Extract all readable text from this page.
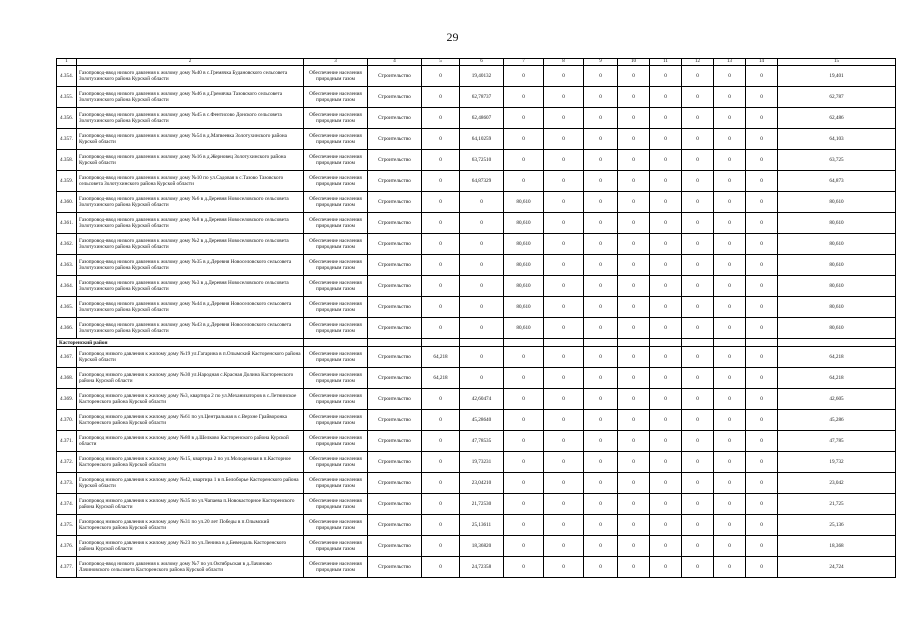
29
1	2	3	4	5	6	7	8	9	10	11	12	13	14	15
4.354.	Газопровод-ввод низкого давления к жилому дому №40 в с.Гремячка Будановского сельсовета Золотухинского района Курской области	Обеспечение населения природным газом	Строительство	0	19,40132	0	0	0	0	0	0	0	0	19,401
4.355.	Газопровод-ввод низкого давления к жилому дому №46 в д.Гремячка Тазовского сельсовета Золотухинского района Курской области	Обеспечение населения природным газом	Строительство	0	62,78737	0	0	0	0	0	0	0	0	62,787
4.356.	Газопровод-ввод низкого давления к жилому дому №45 в с.Фентисово Донского сельсовета Золотухинского района Курской области	Обеспечение населения природным газом	Строительство	0	62,48607	0	0	0	0	0	0	0	0	62,486
4.357.	Газопровод-ввод низкого давления к жилому дому №54 в д.Матвеевка Золотухинского района Курской области	Обеспечение населения природным газом	Строительство	0	64,10259	0	0	0	0	0	0	0	0	64,103
4.358.	Газопровод-ввод низкого давления к жилому дому №16 в д.Жерновец Золотухинского района Курской области	Обеспечение населения природным газом	Строительство	0	63,72510	0	0	0	0	0	0	0	0	63,725
4.359.	Газопровод-ввод низкого давления к жилому дому №10 по ул.Садовая в с.Тазово Тазовского сельсовета Золотухинского района Курской области	Обеспечение населения природным газом	Строительство	0	64,87329	0	0	0	0	0	0	0	0	64,873
4.360.	Газопровод-ввод низкого давления к жилому дому №6 в д.Деревня Новоселовского сельсовета Золотухинского района Курской области	Обеспечение населения природным газом	Строительство	0	0	80,610	0	0	0	0	0	0	0	80,610
4.361.	Газопровод-ввод низкого давления к жилому дому №8 в д.Деревня Новоселовского сельсовета Золотухинского района Курской области	Обеспечение населения природным газом	Строительство	0	0	80,610	0	0	0	0	0	0	0	80,610
4.362.	Газопровод-ввод низкого давления к жилому дому №2 в д.Деревня Новоселовского сельсовета Золотухинского района Курской области	Обеспечение населения природным газом	Строительство	0	0	80,610	0	0	0	0	0	0	0	80,610
4.363.	Газопровод-ввод низкого давления к жилому дому №35 в д.Деревня Новоселовского сельсовета Золотухинского района Курской области	Обеспечение населения природным газом	Строительство	0	0	80,610	0	0	0	0	0	0	0	80,610
4.364.	Газопровод-ввод низкого давления к жилому дому №3 в д.Деревня Новоселовского сельсовета Золотухинского района Курской области	Обеспечение населения природным газом	Строительство	0	0	80,610	0	0	0	0	0	0	0	80,610
4.365.	Газопровод-ввод низкого давления к жилому дому №44 в д.Деревня Новоселовского сельсовета Золотухинского района Курской области	Обеспечение населения природным газом	Строительство	0	0	80,610	0	0	0	0	0	0	0	80,610
4.366.	Газопровод-ввод низкого давления к жилому дому №43 в д.Деревня Новоселовского сельсовета Золотухинского района Курской области	Обеспечение населения природным газом	Строительство	0	0	80,610	0	0	0	0	0	0	0	80,610
Касторенский район														
4.367.	Газопровод низкого давления к жилому дому №19 ул.Гагарина в п.Олымский Касторенского района Курской области	Обеспечение населения природным газом	Строительство	64,218	0	0	0	0	0	0	0	0	0	64,218
4.368.	Газопровод низкого давления к жилому дому №30 ул.Народная с.Красная Долина Касторенского района Курской области	Обеспечение населения природным газом	Строительство	64,218	0	0	0	0	0	0	0	0	0	64,218
4.369.	Газопровод низкого давления к жилому дому №3, квартира 2 по ул.Механизаторов в с.Летнинское Касторенского района Курской области	Обеспечение населения природным газом	Строительство	0	42,60474	0	0	0	0	0	0	0	0	42,605
4.370.	Газопровод низкого давления к жилому дому №61 по ул.Центральная в с.Верхне Грайворонка Касторенского района Курской области	Обеспечение населения природным газом	Строительство	0	45,28640	0	0	0	0	0	0	0	0	45,286
4.371.	Газопровод низкого давления к жилому дому №80 в д.Шелково Касторенского района Курской области	Обеспечение населения природным газом	Строительство	0	47,78535	0	0	0	0	0	0	0	0	47,785
4.372.	Газопровод низкого давления к жилому дому №15, квартира 2 по ул.Молодежная в п.Касторное Касторенского района Курской области	Обеспечение населения природным газом	Строительство	0	19,73231	0	0	0	0	0	0	0	0	19,732
4.373.	Газопровод низкого давления к жилому дому №42, квартира 1 в п.Белоборье Касторенского района Курской области	Обеспечение населения природным газом	Строительство	0	23,04210	0	0	0	0	0	0	0	0	23,042
4.374.	Газопровод низкого давления к жилому дому №35 по ул.Чапаева п.Новокасторное Касторенского района Курской области	Обеспечение населения природным газом	Строительство	0	21,72530	0	0	0	0	0	0	0	0	21,725
4.375.	Газопровод низкого давления к жилому дому №31 по ул.20 лет Победы в п.Олымский Касторенского района Курской области	Обеспечение населения природным газом	Строительство	0	25,13611	0	0	0	0	0	0	0	0	25,136
4.376.	Газопровод низкого давления к жилому дому №23 по ул.Ленина в д.Бевендаль Касторенского района Курской области	Обеспечение населения природным газом	Строительство	0	18,36820	0	0	0	0	0	0	0	0	18,368
4.377.	Газопровод-ввод низкого давления к жилому дому №7 по ул.Октябрьская в д.Лачиново Лачиновского сельсовета Касторенского района Курской области	Обеспечение населения природным газом	Строительство	0	24,72358	0	0	0	0	0	0	0	0	24,724
